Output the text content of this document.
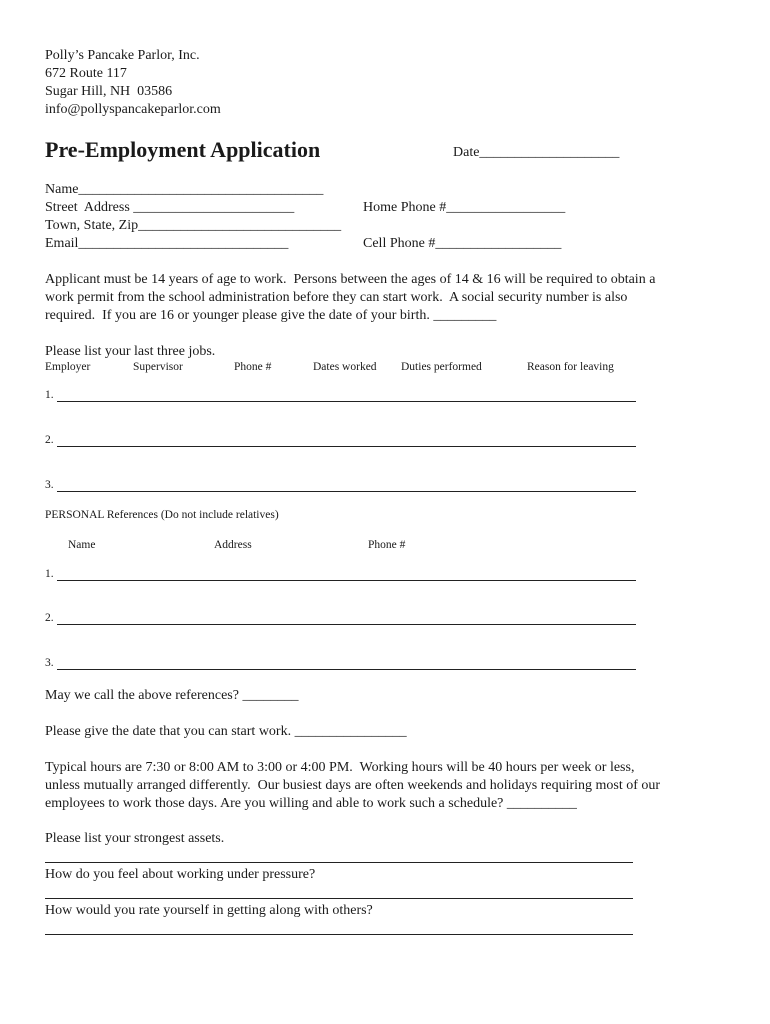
Polly’s Pancake Parlor, Inc.
672 Route 117
Sugar Hill, NH  03586
info@pollyspancakeparlor.com
Pre-Employment Application	Date____________________
Name___________________________________
Street  Address _______________________	Home Phone #_________________
Town, State, Zip_____________________________
Email______________________________	Cell Phone #__________________
Applicant must be 14 years of age to work.  Persons between the ages of 14 & 16 will be required to obtain a
work permit from the school administration before they can start work.  A social security number is also
required.  If you are 16 or younger please give the date of your birth. _________
Please list your last three jobs.
Employer	Supervisor	Phone #	Dates worked Duties performed	Reason for leaving
1.
2.
3.
PERSONAL References (Do not include relatives)
Name	Address	Phone #
1.
2.
3.
May we call the above references? ________
Please give the date that you can start work. ________________
Typical hours are 7:30 or 8:00 AM to 3:00 or 4:00 PM.  Working hours will be 40 hours per week or less,
unless mutually arranged differently.  Our busiest days are often weekends and holidays requiring most of our
employees to work those days. Are you willing and able to work such a schedule? __________
Please list your strongest assets.
How do you feel about working under pressure?
How would you rate yourself in getting along with others?
